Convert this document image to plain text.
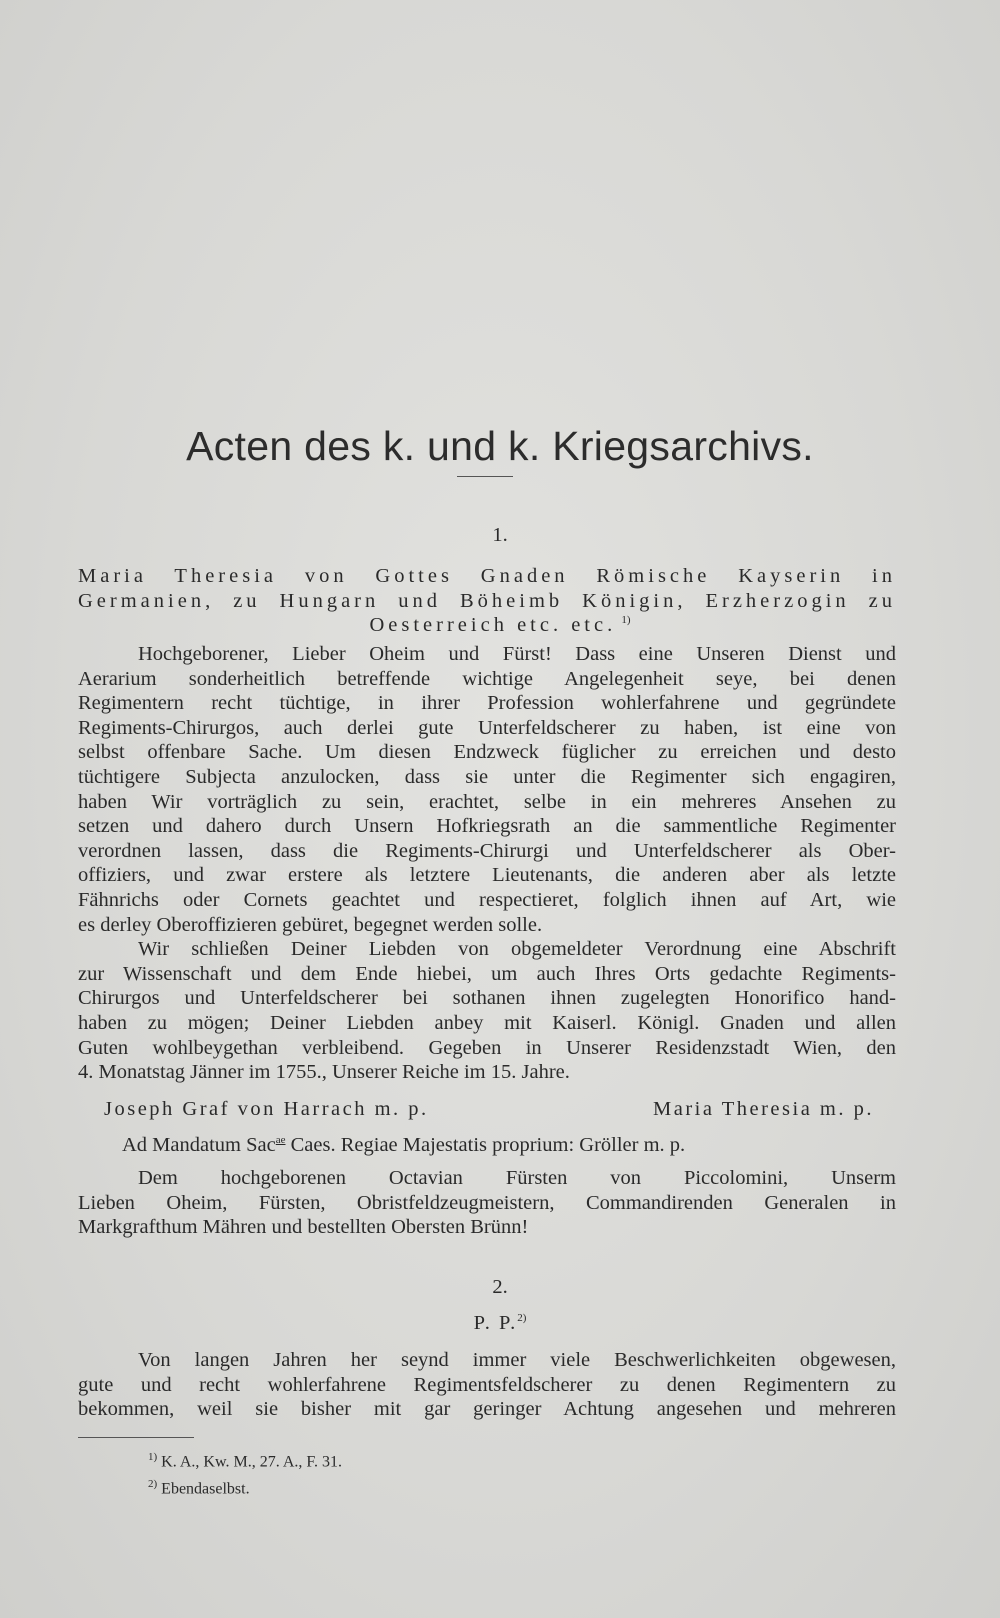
Acten des k. und k. Kriegsarchivs.
1.
Maria Theresia von Gottes Gnaden Römische Kayserin in
Germanien, zu Hungarn und Böheimb Königin, Erzherzogin zu
Oesterreich etc. etc. $^{1)}$

Hochgeborener, Lieber Oheim und Fürst! Dass eine Unseren Dienst und
Aerarium sonderheitlich betreffende wichtige Angelegenheit seye, bei denen
Regimentern recht tüchtige, in ihrer Profession wohlerfahrene und gegründete
Regiments-Chirurgos, auch derlei gute Unterfeldscherer zu haben, ist eine von
selbst offenbare Sache. Um diesen Endzweck füglicher zu erreichen und desto
tüchtigere Subjecta anzulocken, dass sie unter die Regimenter sich engagiren,
haben Wir vorträglich zu sein, erachtet, selbe in ein mehreres Ansehen zu
setzen und dahero durch Unsern Hofkriegsrath an die sammentliche Regimenter
verordnen lassen, dass die Regiments-Chirurgi und Unterfeldscherer als Ober-
offiziers, und zwar erstere als letztere Lieutenants, die anderen aber als letzte
Fähnrichs oder Cornets geachtet und respectieret, folglich ihnen auf Art, wie
es derley Oberoffizieren gebüret, begegnet werden solle.

Wir schließen Deiner Liebden von obgemeldeter Verordnung eine Abschrift
zur Wissenschaft und dem Ende hiebei, um auch Ihres Orts gedachte Regiments-
Chirurgos und Unterfeldscherer bei sothanen ihnen zugelegten Honorifico hand-
haben zu mögen; Deiner Liebden anbey mit Kaiserl. Königl. Gnaden und allen
Guten wohlbeygethan verbleibend. Gegeben in Unserer Residenzstadt Wien, den
4. Monatstag Jänner im 1755., Unserer Reiche im 15. Jahre.

Joseph Graf von Harrach m. p.	Maria Theresia m. p.
Ad Mandatum Sac$^{ae}$ Caes. Regiae Majestatis proprium: Gröller m. p.

Dem hochgeborenen Octavian Fürsten von Piccolomini, Unserm
Lieben Oheim, Fürsten, Obristfeldzeugmeistern, Commandirenden Generalen in
Markgrafthum Mähren und bestellten Obersten Brünn!

2.
P. P.$^{2)}$

Von langen Jahren her seynd immer viele Beschwerlichkeiten obgewesen,
gute und recht wohlerfahrene Regimentsfeldscherer zu denen Regimentern zu
bekommen, weil sie bisher mit gar geringer Achtung angesehen und mehreren

$^{1)}$ K. A., Kw. M., 27. A., F. 31.
$^{2)}$ Ebendaselbst.
